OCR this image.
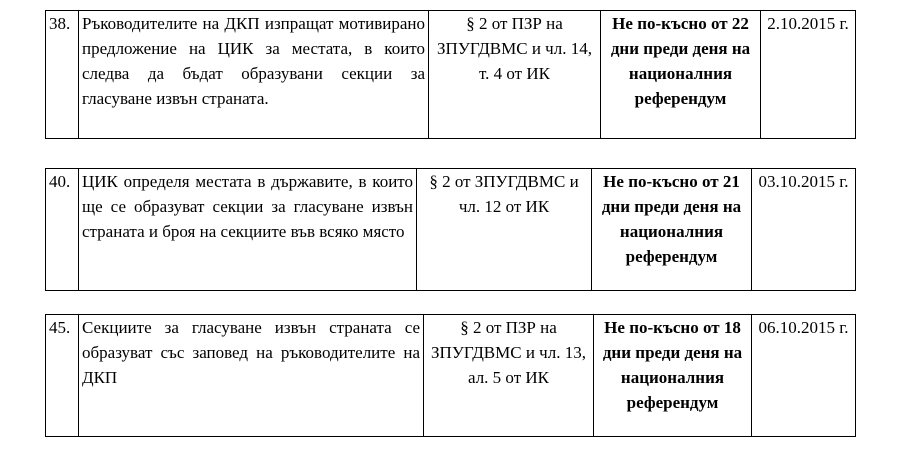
38.	Ръководителите на ДКП изпращат мотивирано предложение на ЦИК за местата, в които следва да бъдат образувани секции за гласуване извън страната.	§ 2 от ПЗР на ЗПУГДВМС и чл. 14, т. 4 от ИК	Не по-късно от 22 дни преди деня на националния референдум	2.10.2015 г.
40.	ЦИК определя местата в държавите, в които ще се образуват секции за гласуване извън страната и броя на секциите във всяко място	§ 2 от ЗПУГДВМС и чл. 12 от ИК	Не по-късно от 21 дни преди деня на националния референдум	03.10.2015 г.
45.	Секциите за гласуване извън страната се образуват със заповед на ръководителите на ДКП	§ 2 от ПЗР на ЗПУГДВМС и чл. 13, ал. 5 от ИК	Не по-късно от 18 дни преди деня на националния референдум	06.10.2015 г.
